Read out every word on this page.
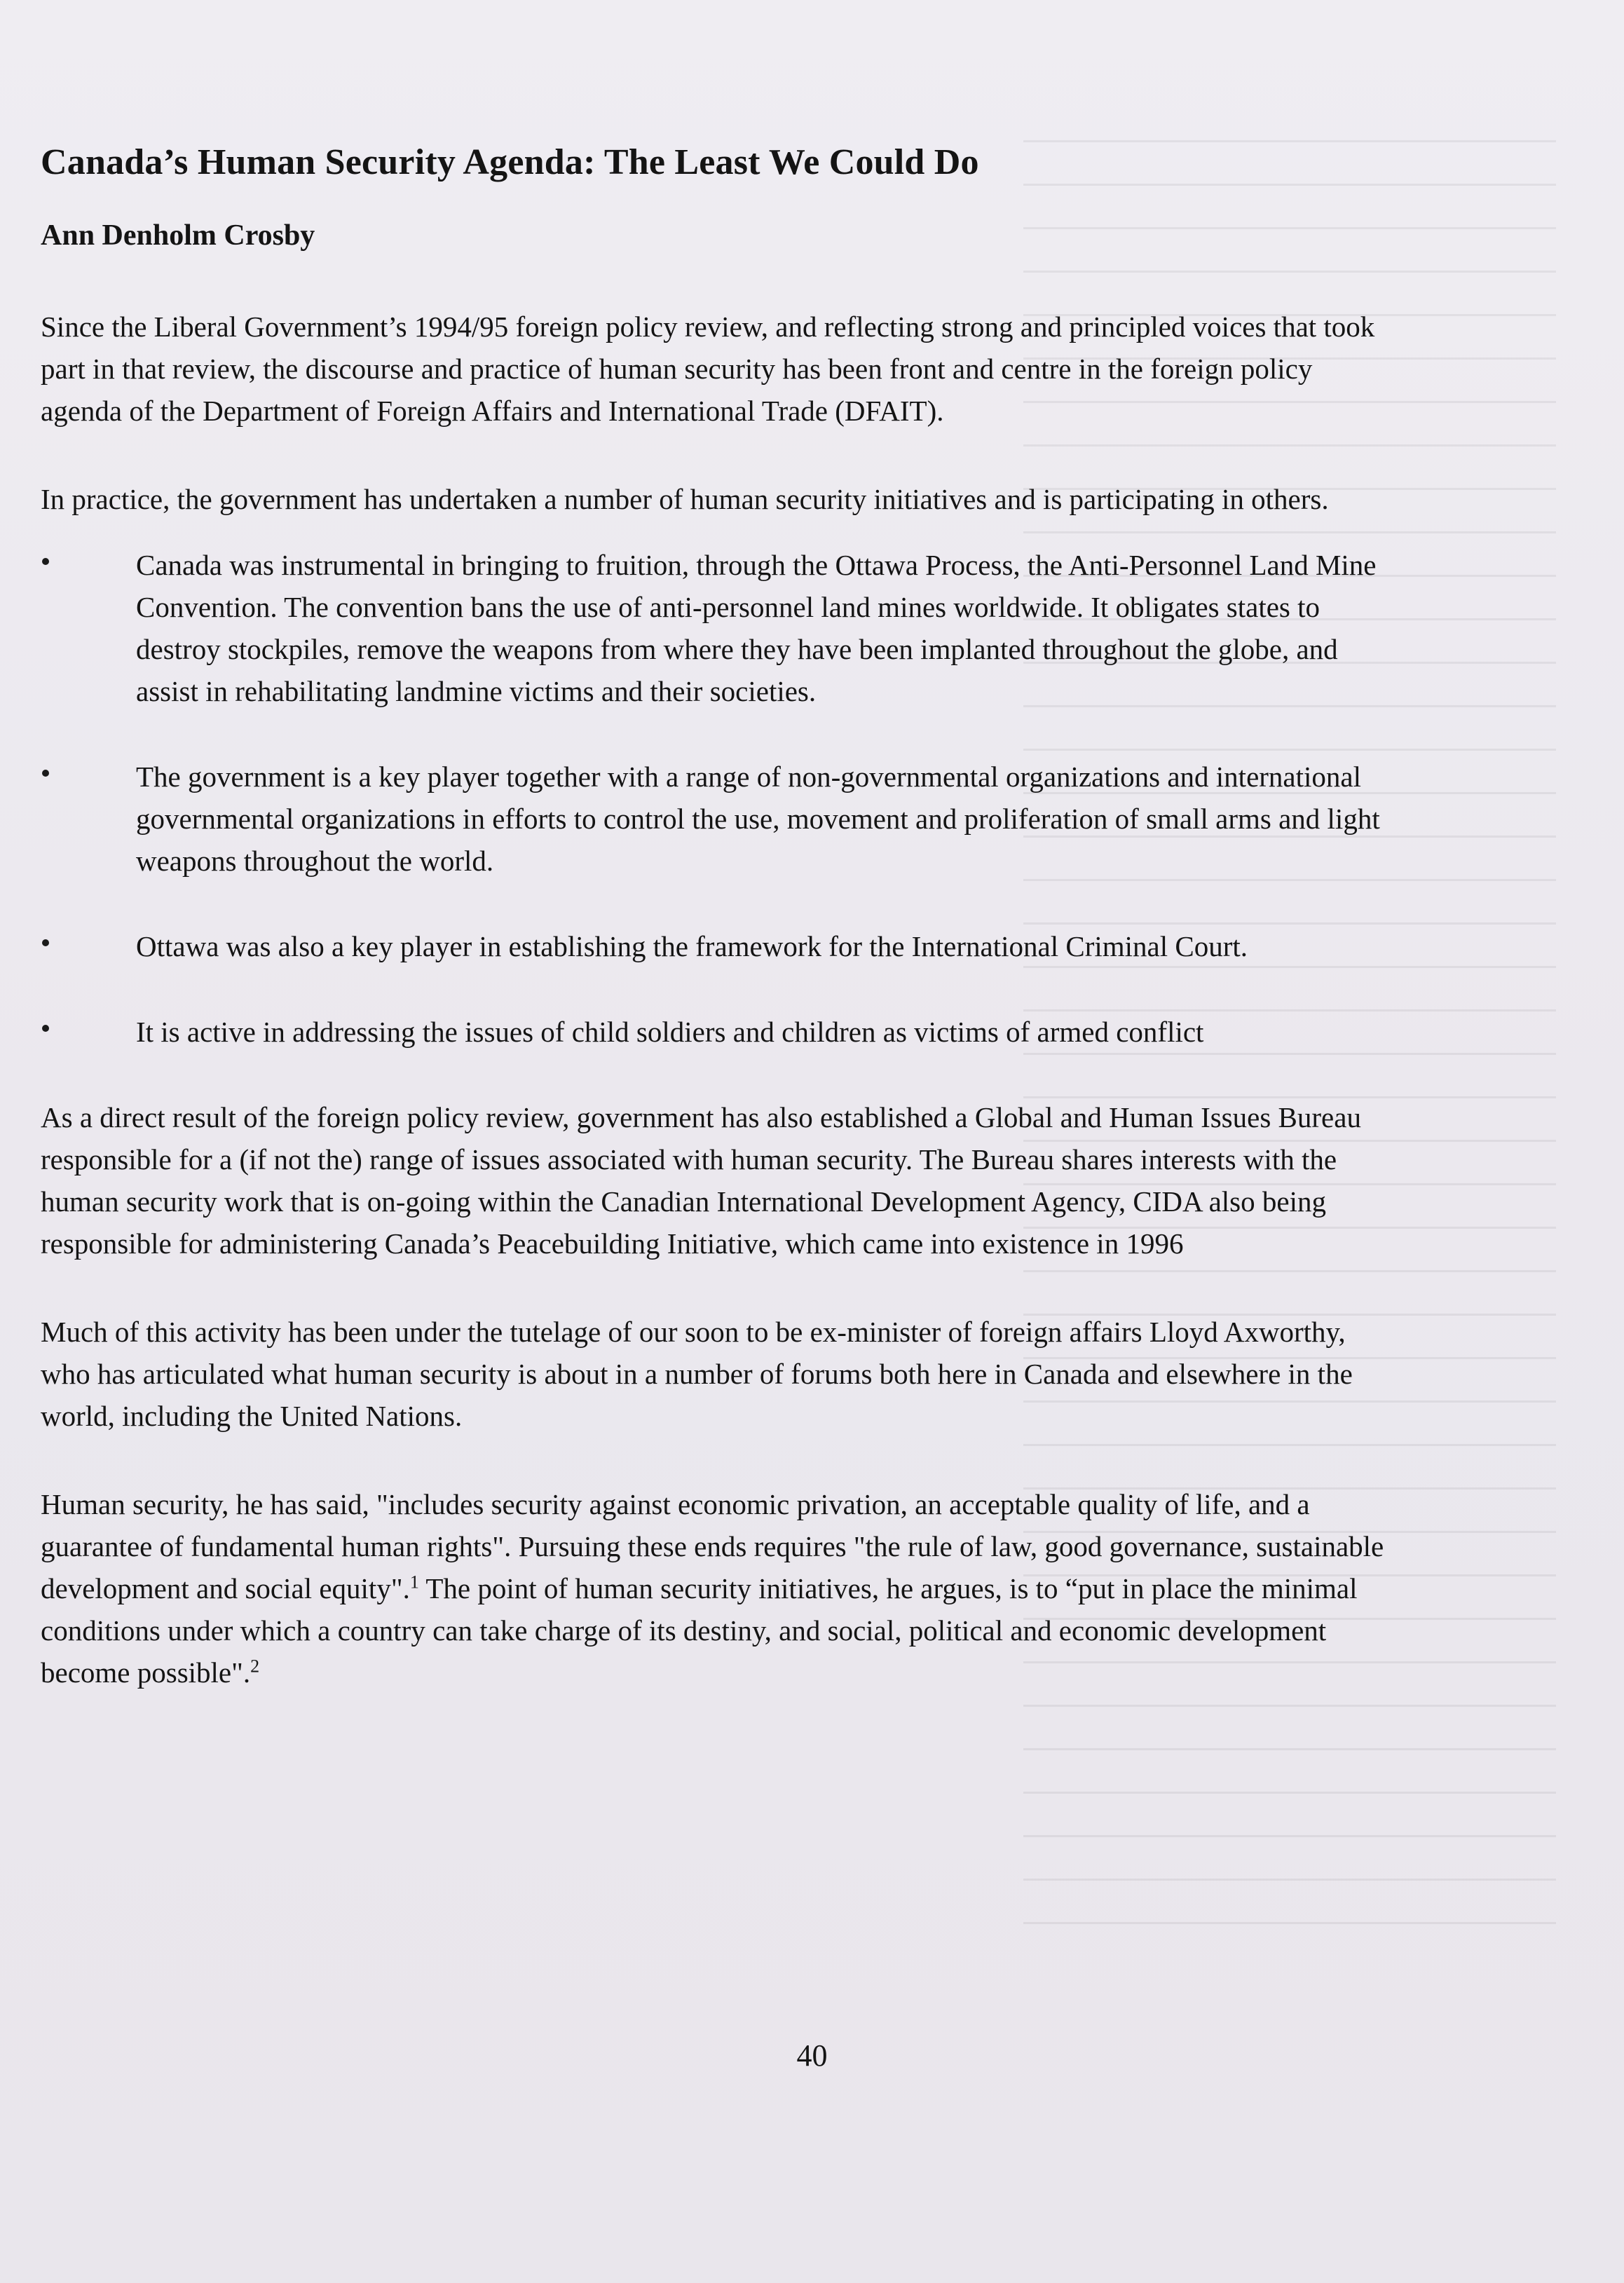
Canada’s Human Security Agenda: The Least We Could Do
Ann Denholm Crosby

Since the Liberal Government’s 1994/95 foreign policy review, and reflecting strong and principled voices that took part in that review, the discourse and practice of human security has been front and centre in the foreign policy agenda of the Department of Foreign Affairs and International Trade (DFAIT).

In practice, the government has undertaken a number of human security initiatives and is participating in others.

Canada was instrumental in bringing to fruition, through the Ottawa Process, the Anti-Personnel Land Mine Convention. The convention bans the use of anti-personnel land mines worldwide. It obligates states to destroy stockpiles, remove the weapons from where they have been implanted throughout the globe, and assist in rehabilitating landmine victims and their societies.
The government is a key player together with a range of non-governmental organizations and international governmental organizations in efforts to control the use, movement and proliferation of small arms and light weapons throughout the world.
Ottawa was also a key player in establishing the framework for the International Criminal Court.
It is active in addressing the issues of child soldiers and children as victims of armed conflict

As a direct result of the foreign policy review, government has also established a Global and Human Issues Bureau responsible for a (if not the) range of issues associated with human security. The Bureau shares interests with the human security work that is on-going within the Canadian International Development Agency, CIDA also being responsible for administering Canada’s Peacebuilding Initiative, which came into existence in 1996

Much of this activity has been under the tutelage of our soon to be ex-minister of foreign affairs Lloyd Axworthy, who has articulated what human security is about in a number of forums both here in Canada and elsewhere in the world, including the United Nations.

Human security, he has said, "includes security against economic privation, an acceptable quality of life, and a guarantee of fundamental human rights". Pursuing these ends requires "the rule of law, good governance, sustainable development and social equity".$^1$ The point of human security initiatives, he argues, is to “put in place the minimal conditions under which a country can take charge of its destiny, and social, political and economic development become possible".$^2$

40
